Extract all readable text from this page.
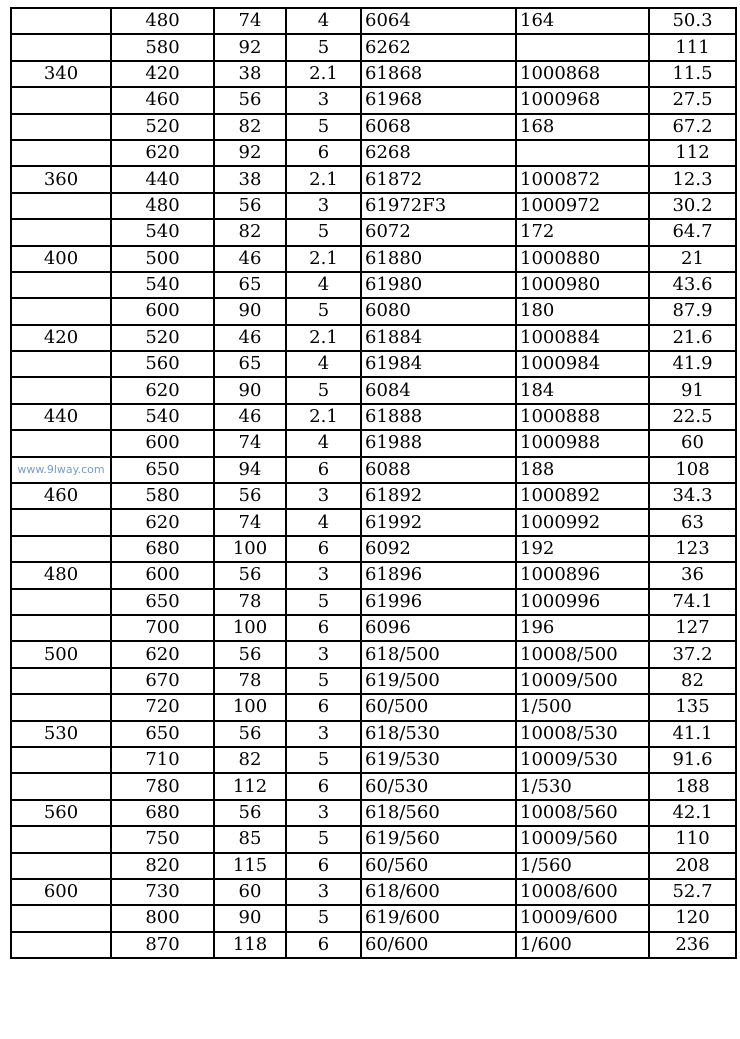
	480	74	4	6064	164	50.3
	580	92	5	6262		111
340	420	38	2.1	61868	1000868	11.5
	460	56	3	61968	1000968	27.5
	520	82	5	6068	168	67.2
	620	92	6	6268		112
360	440	38	2.1	61872	1000872	12.3
	480	56	3	61972F3	1000972	30.2
	540	82	5	6072	172	64.7
400	500	46	2.1	61880	1000880	21
	540	65	4	61980	1000980	43.6
	600	90	5	6080	180	87.9
420	520	46	2.1	61884	1000884	21.6
	560	65	4	61984	1000984	41.9
	620	90	5	6084	184	91
440	540	46	2.1	61888	1000888	22.5
	600	74	4	61988	1000988	60
www.9lway.com	650	94	6	6088	188	108
460	580	56	3	61892	1000892	34.3
	620	74	4	61992	1000992	63
	680	100	6	6092	192	123
480	600	56	3	61896	1000896	36
	650	78	5	61996	1000996	74.1
	700	100	6	6096	196	127
500	620	56	3	618/500	10008/500	37.2
	670	78	5	619/500	10009/500	82
	720	100	6	60/500	1/500	135
530	650	56	3	618/530	10008/530	41.1
	710	82	5	619/530	10009/530	91.6
	780	112	6	60/530	1/530	188
560	680	56	3	618/560	10008/560	42.1
	750	85	5	619/560	10009/560	110
	820	115	6	60/560	1/560	208
600	730	60	3	618/600	10008/600	52.7
	800	90	5	619/600	10009/600	120
	870	118	6	60/600	1/600	236
